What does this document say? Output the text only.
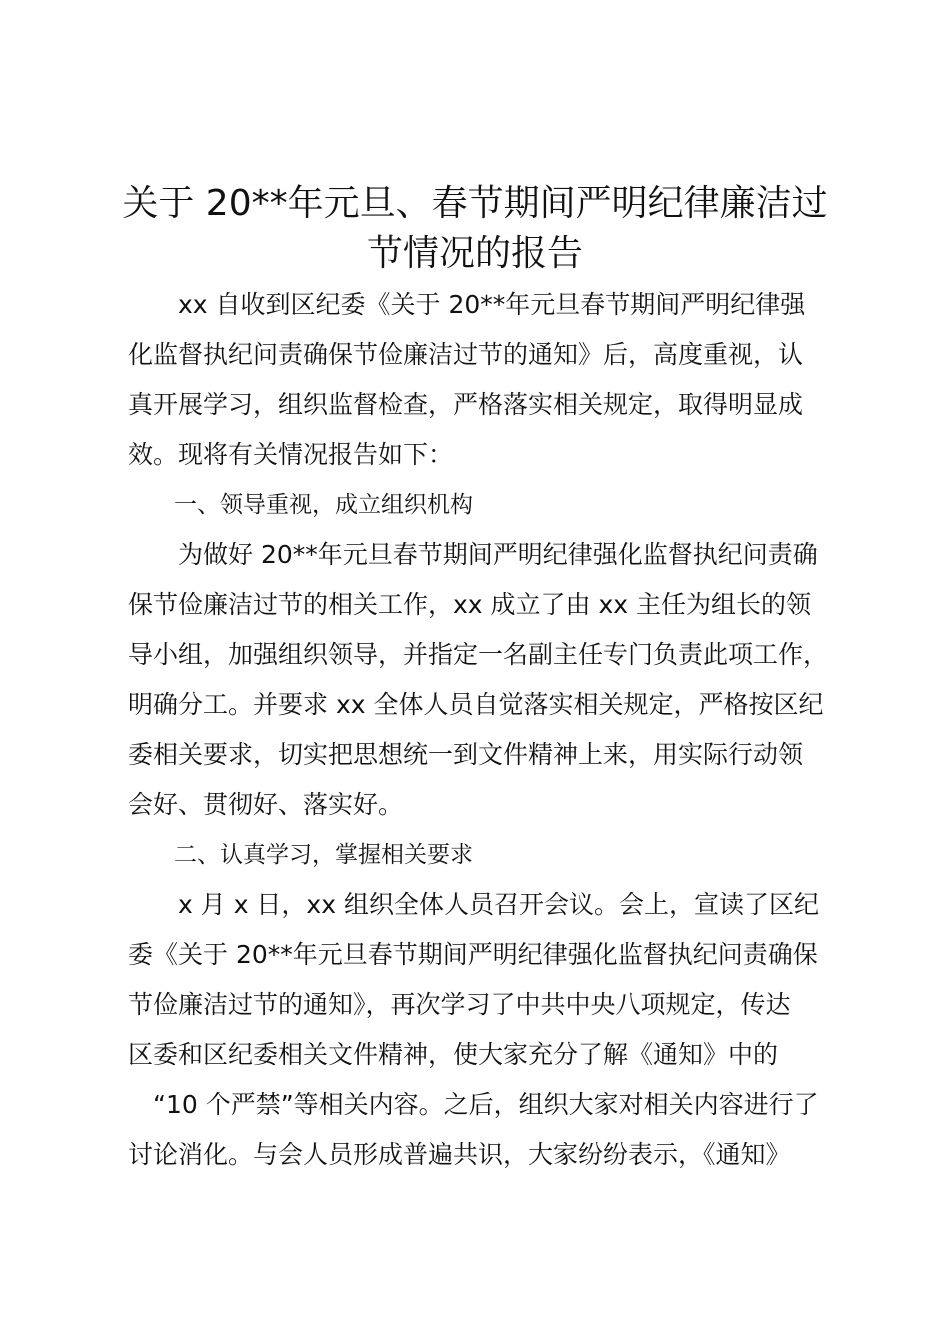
关于 20**年元旦、春节期间严明纪律廉洁过
节情况的报告
　　xx 自收到区纪委《关于 20**年元旦春节期间严明纪律强
化监督执纪问责确保节俭廉洁过节的通知》后，高度重视，认
真开展学习，组织监督检查，严格落实相关规定，取得明显成
效。现将有关情况报告如下：
　　一、领导重视，成立组织机构
　　为做好 20**年元旦春节期间严明纪律强化监督执纪问责确
保节俭廉洁过节的相关工作，xx 成立了由 xx 主任为组长的领
导小组，加强组织领导，并指定一名副主任专门负责此项工作，
明确分工。并要求 xx 全体人员自觉落实相关规定，严格按区纪
委相关要求，切实把思想统一到文件精神上来，用实际行动领
会好、贯彻好、落实好。
　　二、认真学习，掌握相关要求
　　x 月 x 日，xx 组织全体人员召开会议。会上，宣读了区纪
委《关于 20**年元旦春节期间严明纪律强化监督执纪问责确保
节俭廉洁过节的通知》，再次学习了中共中央八项规定，传达
区委和区纪委相关文件精神，使大家充分了解《通知》中的
　“10 个严禁”等相关内容。之后，组织大家对相关内容进行了
讨论消化。与会人员形成普遍共识，大家纷纷表示，《通知》
